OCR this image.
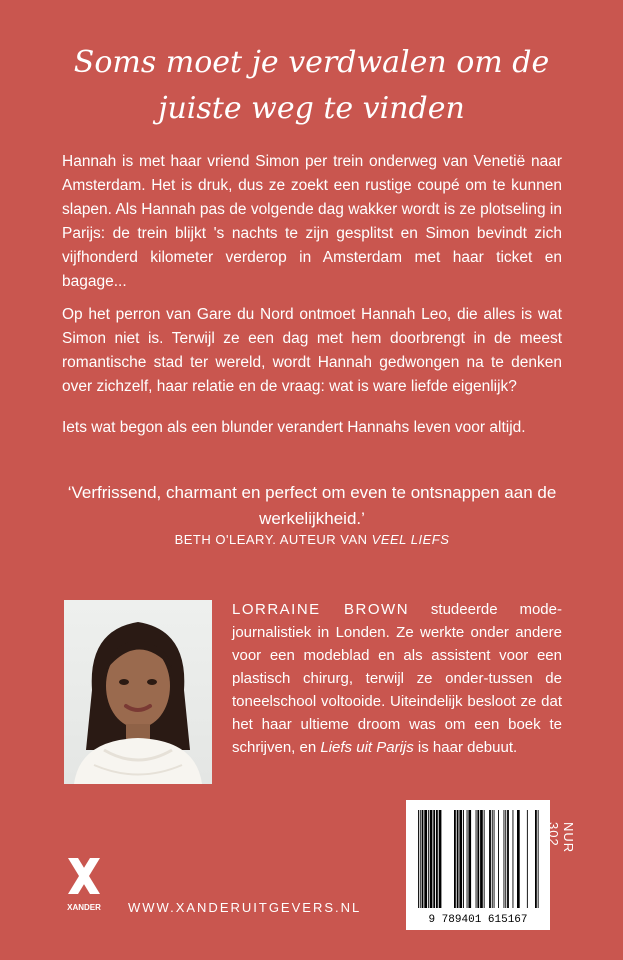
Soms moet je verdwalen om de juiste weg te vinden

Hannah is met haar vriend Simon per trein onderweg van Venetië naar Amsterdam. Het is druk, dus ze zoekt een rustige coupé om te kunnen slapen. Als Hannah pas de volgende dag wakker wordt is ze plotseling in Parijs: de trein blijkt 's nachts te zijn gesplitst en Simon bevindt zich vijfhonderd kilometer verderop in Amsterdam met haar ticket en bagage...

Op het perron van Gare du Nord ontmoet Hannah Leo, die alles is wat Simon niet is. Terwijl ze een dag met hem doorbrengt in de meest romantische stad ter wereld, wordt Hannah gedwongen na te denken over zichzelf, haar relatie en de vraag: wat is ware liefde eigenlijk?

Iets wat begon als een blunder verandert Hannahs leven voor altijd.

‘Verfrissend, charmant en perfect om even te ontsnappen aan de werkelijkheid.’
BETH O'LEARY. AUTEUR VAN VEEL LIEFS

LORRAINE BROWN studeerde mode-journalistiek in Londen. Ze werkte onder andere voor een modeblad en als assistent voor een plastisch chirurg, terwijl ze onder-tussen de toneelschool voltooide. Uiteindelijk besloot ze dat het haar ultieme droom was om een boek te schrijven, en Liefs uit Parijs is haar debuut.

XANDER WWW.XANDERUITGEVERS.NL
9 789401 615167
NUR 302
